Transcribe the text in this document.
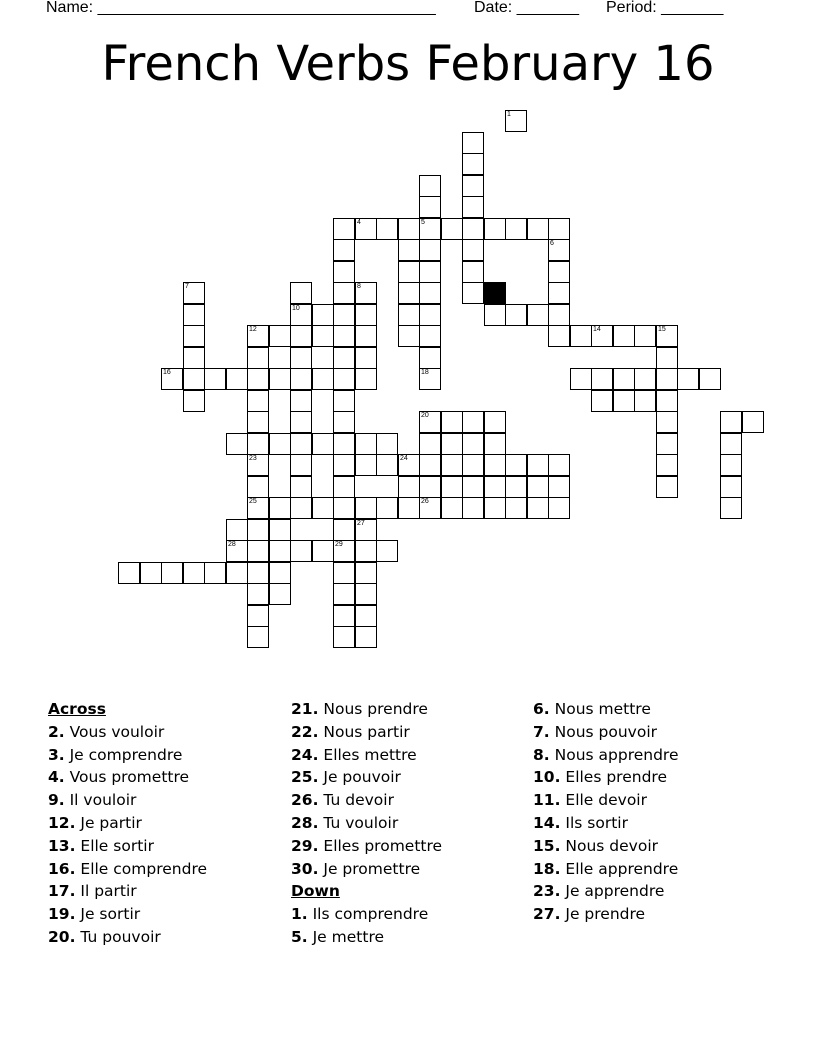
Name: ______________________________________ Date: _______ Period: _______
French Verbs February 16
1
5
18
29
4
6
7
10
8
14
12
23
15
16
20
24
27
28
25	26
9
Across
2. Vous vouloir
3. Je comprendre
4. Vous promettre
9. Il vouloir
12. Je partir
13. Elle sortir
16. Elle comprendre
17. Il partir
19. Je sortir
20. Tu pouvoir
21. Nous prendre
22. Nous partir
24. Elles mettre
25. Je pouvoir
26. Tu devoir
28. Tu vouloir
29. Elles promettre
30. Je promettre
Down
1. Ils comprendre
5. Je mettre
6. Nous mettre
7. Nous pouvoir
8. Nous apprendre
10. Elles prendre
11. Elle devoir
14. Ils sortir
15. Nous devoir
18. Elle apprendre
23. Je apprendre
27. Je prendre
